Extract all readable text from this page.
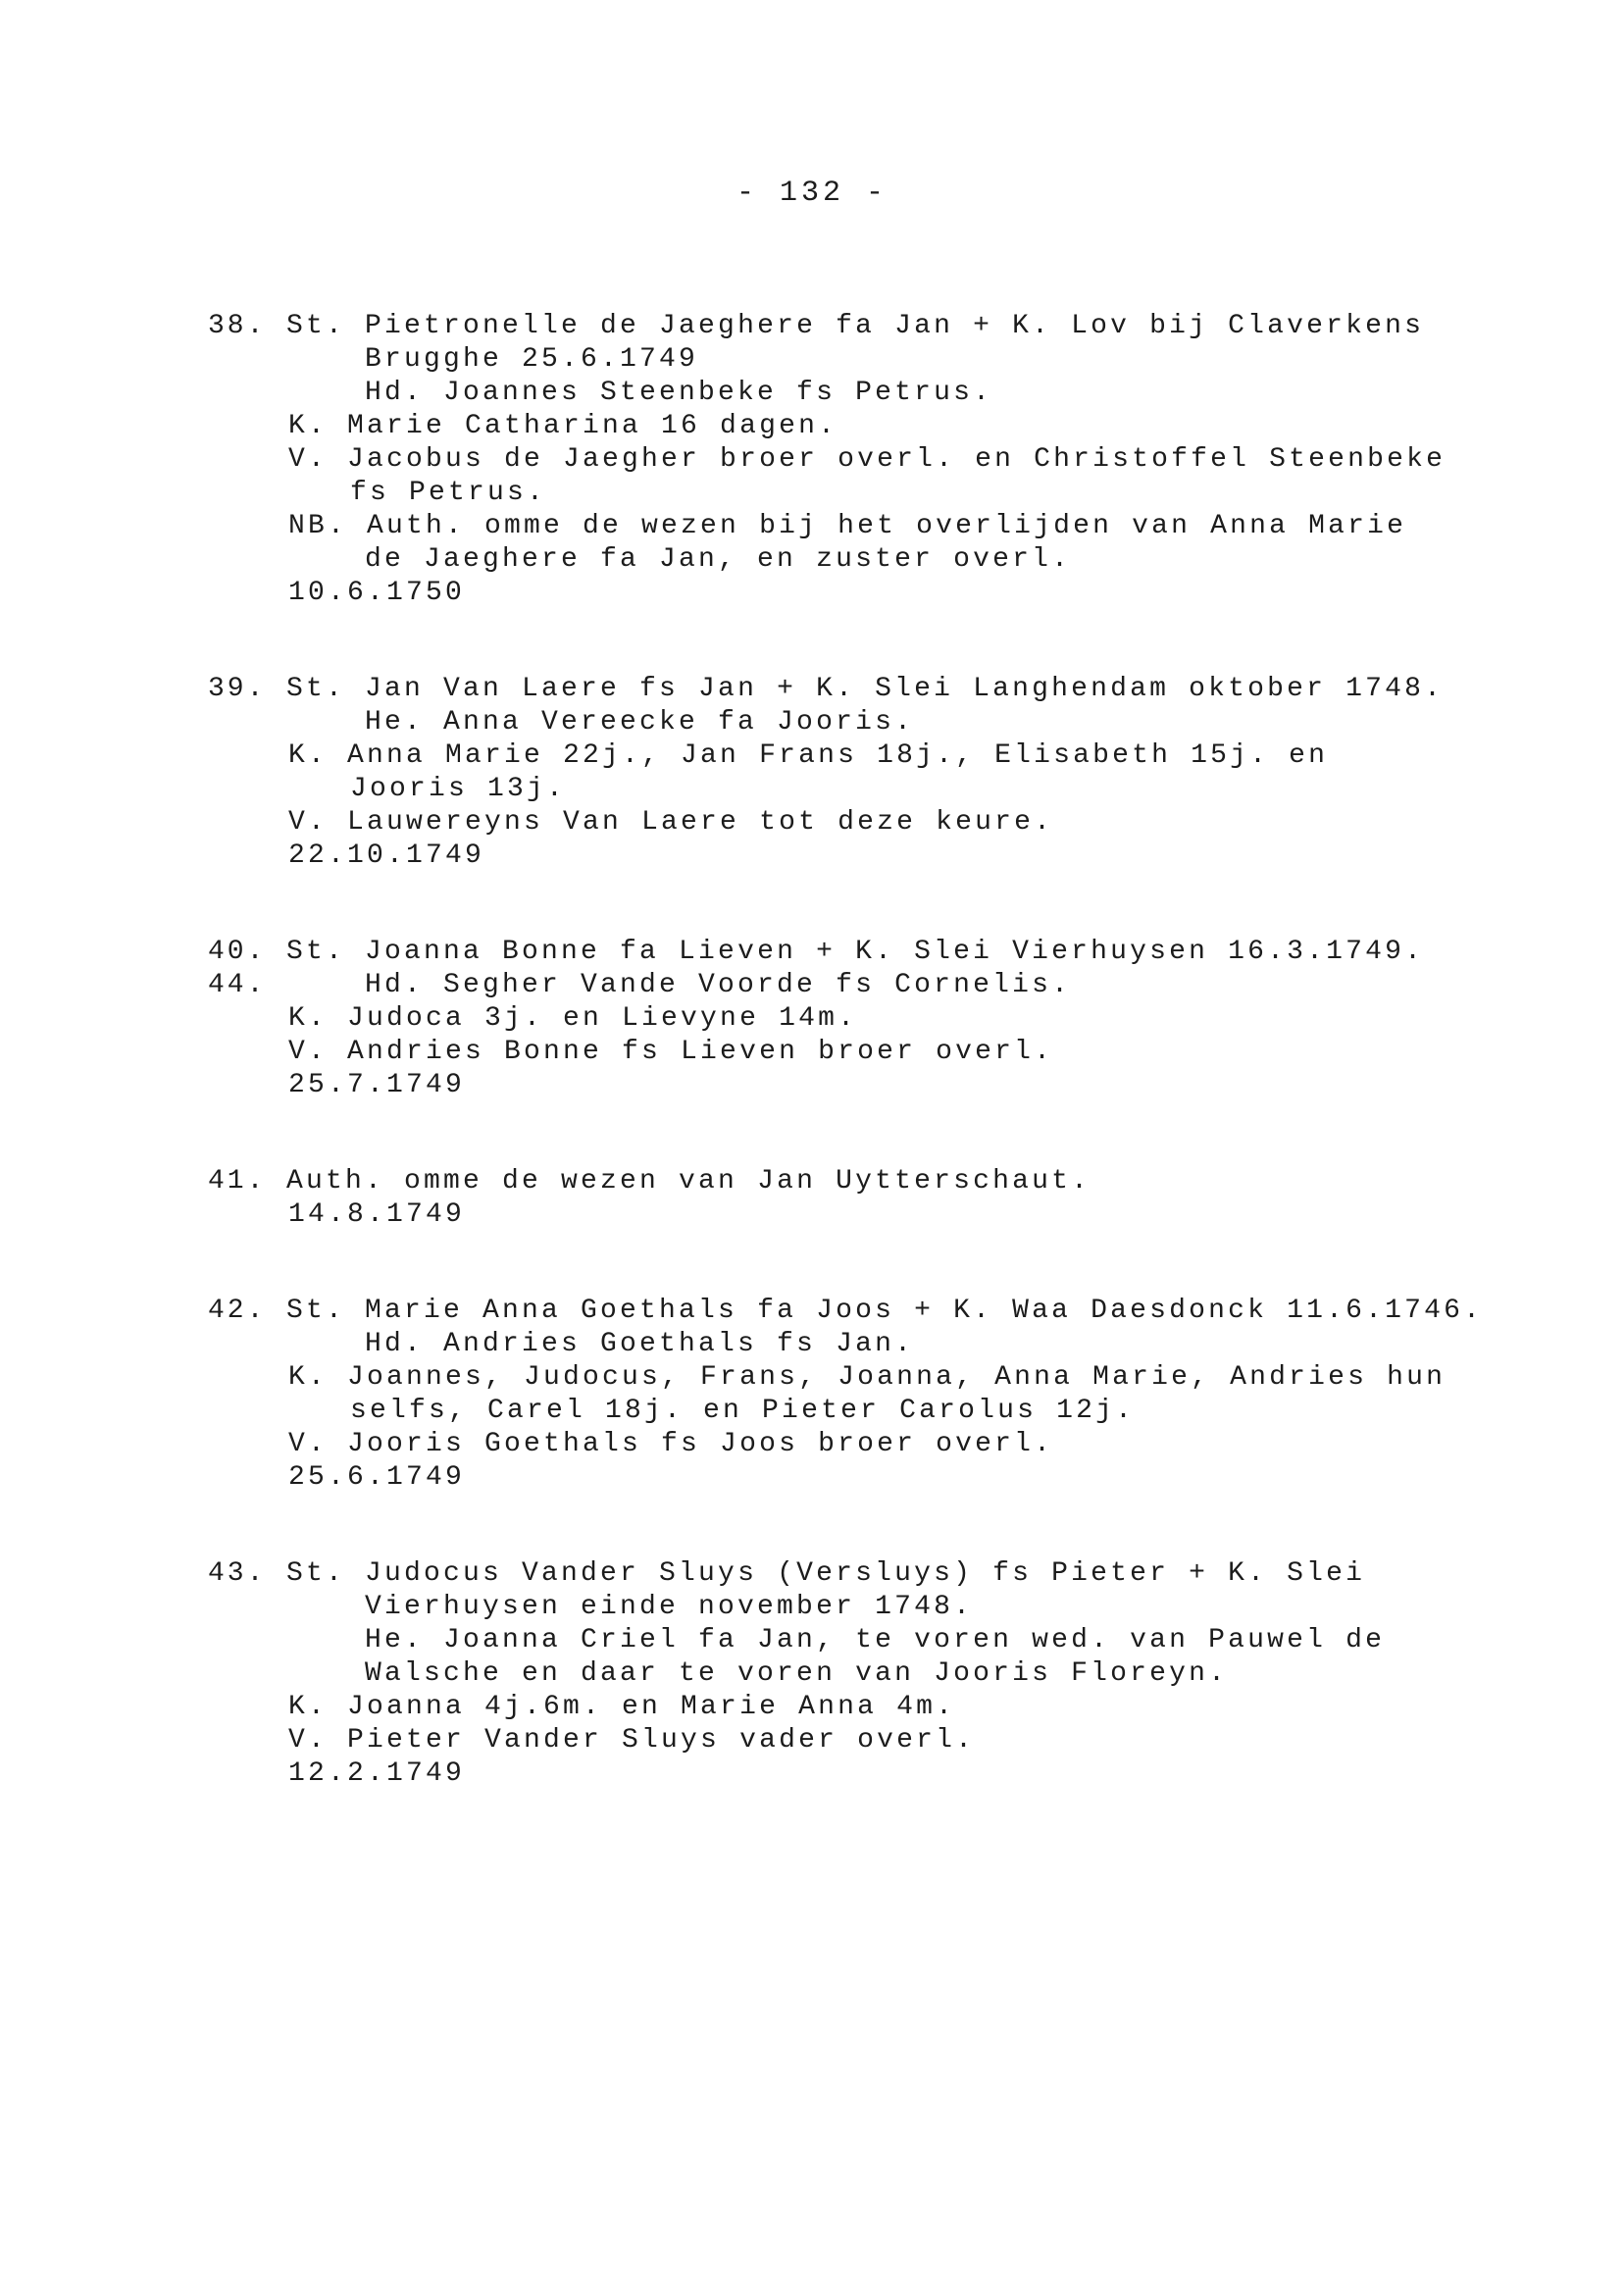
- 132 -
38. St. Pietronelle de Jaeghere fa Jan + K. Lov bij Claverkens
Brugghe 25.6.1749
Hd. Joannes Steenbeke fs Petrus.
K. Marie Catharina 16 dagen.
V. Jacobus de Jaegher broer overl. en Christoffel Steenbeke
fs Petrus.
NB. Auth. omme de wezen bij het overlijden van Anna Marie
de Jaeghere fa Jan, en zuster overl.
10.6.1750
39. St. Jan Van Laere fs Jan + K. Slei Langhendam oktober 1748.
He. Anna Vereecke fa Jooris.
K. Anna Marie 22j., Jan Frans 18j., Elisabeth 15j. en
Jooris 13j.
V. Lauwereyns Van Laere tot deze keure.
22.10.1749
40.
44.
St. Joanna Bonne fa Lieven + K. Slei Vierhuysen 16.3.1749.
Hd. Segher Vande Voorde fs Cornelis.
K. Judoca 3j. en Lievyne 14m.
V. Andries Bonne fs Lieven broer overl.
25.7.1749
41. Auth. omme de wezen van Jan Uytterschaut.
14.8.1749
42. St. Marie Anna Goethals fa Joos + K. Waa Daesdonck 11.6.1746.
Hd. Andries Goethals fs Jan.
K. Joannes, Judocus, Frans, Joanna, Anna Marie, Andries hun
selfs, Carel 18j. en Pieter Carolus 12j.
V. Jooris Goethals fs Joos broer overl.
25.6.1749
43. St. Judocus Vander Sluys (Versluys) fs Pieter + K. Slei
Vierhuysen einde november 1748.
He. Joanna Criel fa Jan, te voren wed. van Pauwel de
Walsche en daar te voren van Jooris Floreyn.
K. Joanna 4j.6m. en Marie Anna 4m.
V. Pieter Vander Sluys vader overl.
12.2.1749
